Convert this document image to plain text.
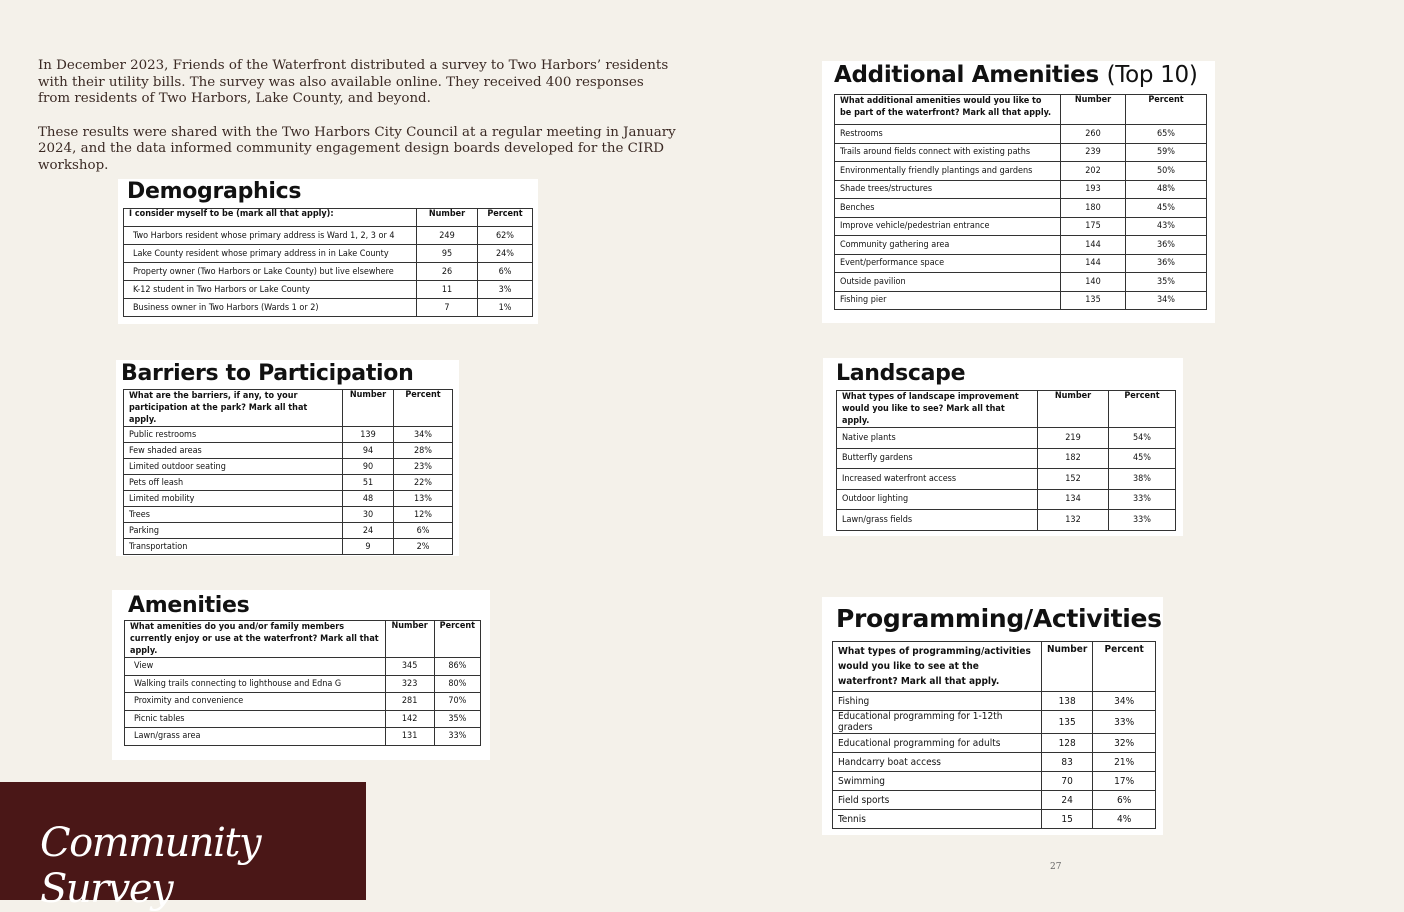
In December 2023, Friends of the Waterfront distributed a survey to Two Harbors’ residents with their utility bills. The survey was also available online. They received 400 responses from residents of Two Harbors, Lake County, and beyond.

These results were shared with the Two Harbors City Council at a regular meeting in January 2024, and the data informed community engagement design boards developed for the CIRD workshop.

Demographics
I consider myself to be (mark all that apply):	Number	Percent
Two Harbors resident whose primary address is Ward 1, 2, 3 or 4	249	62%
Lake County resident whose primary address in in Lake County	95	24%
Property owner (Two Harbors or Lake County) but live elsewhere	26	6%
K-12 student in Two Harbors or Lake County	11	3%
Business owner in Two Harbors (Wards 1 or 2)	7	1%
Barriers to Participation
What are the barriers, if any, to your participation at the park? Mark all that apply.	Number	Percent
Public restrooms	139	34%
Few shaded areas	94	28%
Limited outdoor seating	90	23%
Pets off leash	51	22%
Limited mobility	48	13%
Trees	30	12%
Parking	24	6%
Transportation	9	2%
Amenities
What amenities do you and/or family members currently enjoy or use at the waterfront? Mark all that apply.	Number	Percent
View	345	86%
Walking trails connecting to lighthouse and Edna G	323	80%
Proximity and convenience	281	70%
Picnic tables	142	35%
Lawn/grass area	131	33%
Additional Amenities (Top 10)
What additional amenities would you like to be part of the waterfront? Mark all that apply.	Number	Percent
Restrooms	260	65%
Trails around fields connect with existing paths	239	59%
Environmentally friendly plantings and gardens	202	50%
Shade trees/structures	193	48%
Benches	180	45%
Improve vehicle/pedestrian entrance	175	43%
Community gathering area	144	36%
Event/performance space	144	36%
Outside pavilion	140	35%
Fishing pier	135	34%
Landscape
What types of landscape improvement would you like to see? Mark all that apply.	Number	Percent
Native plants	219	54%
Butterfly gardens	182	45%
Increased waterfront access	152	38%
Outdoor lighting	134	33%
Lawn/grass fields	132	33%
Programming/Activities
What types of programming/activities would you like to see at the waterfront? Mark all that apply.	Number	Percent
Fishing	138	34%
Educational programming for 1-12th graders	135	33%
Educational programming for adults	128	32%
Handcarry boat access	83	21%
Swimming	70	17%
Field sports	24	6%
Tennis	15	4%
Community Survey	27
